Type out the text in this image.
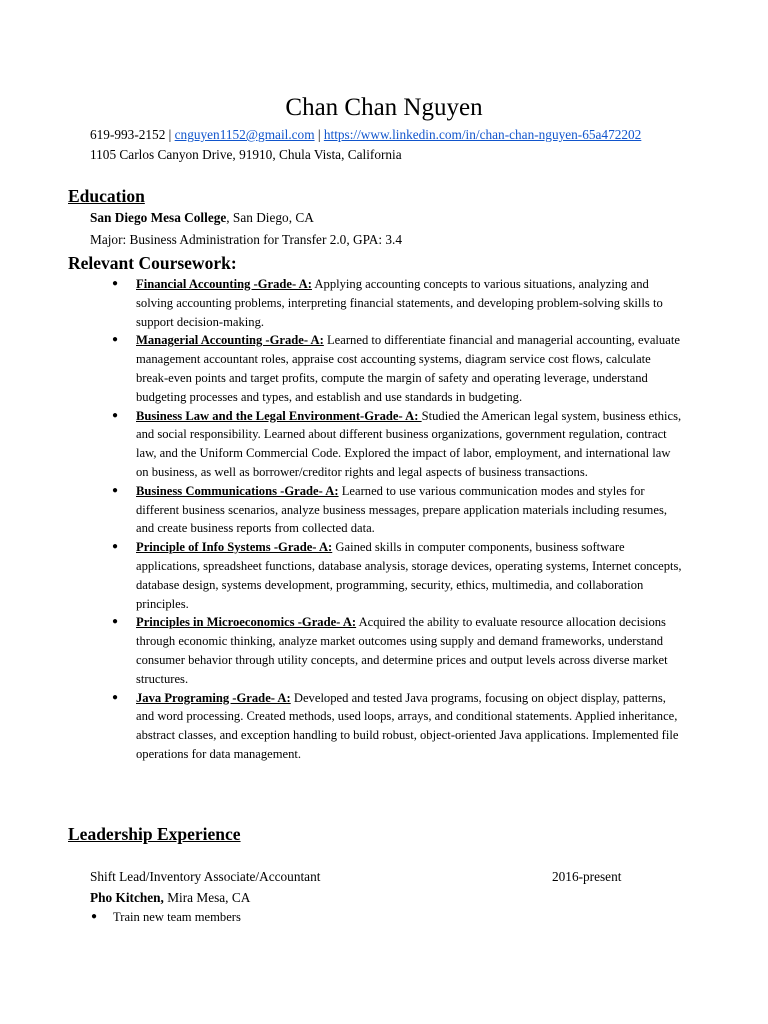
Chan Chan Nguyen
619-993-2152 | cnguyen1152@gmail.com | https://www.linkedin.com/in/chan-chan-nguyen-65a472202
1105 Carlos Canyon Drive, 91910, Chula Vista, California
Education
San Diego Mesa College, San Diego, CA
Major: Business Administration for Transfer 2.0, GPA: 3.4
Relevant Coursework:
● Financial Accounting -Grade- A: Applying accounting concepts to various situations, analyzing and solving accounting problems, interpreting financial statements, and developing problem-solving skills to support decision-making.
● Managerial Accounting -Grade- A: Learned to differentiate financial and managerial accounting, evaluate management accountant roles, appraise cost accounting systems, diagram service cost flows, calculate break-even points and target profits, compute the margin of safety and operating leverage, understand budgeting processes and types, and establish and use standards in budgeting.
● Business Law and the Legal Environment-Grade- A: Studied the American legal system, business ethics, and social responsibility. Learned about different business organizations, government regulation, contract law, and the Uniform Commercial Code. Explored the impact of labor, employment, and international law on business, as well as borrower/creditor rights and legal aspects of business transactions.
● Business Communications -Grade- A: Learned to use various communication modes and styles for different business scenarios, analyze business messages, prepare application materials including resumes, and create business reports from collected data.
● Principle of Info Systems -Grade- A: Gained skills in computer components, business software applications, spreadsheet functions, database analysis, storage devices, operating systems, Internet concepts, database design, systems development, programming, security, ethics, multimedia, and collaboration principles.
● Principles in Microeconomics -Grade- A: Acquired the ability to evaluate resource allocation decisions through economic thinking, analyze market outcomes using supply and demand frameworks, understand consumer behavior through utility concepts, and determine prices and output levels across diverse market structures.
● Java Programing -Grade- A: Developed and tested Java programs, focusing on object display, patterns, and word processing. Created methods, used loops, arrays, and conditional statements. Applied inheritance, abstract classes, and exception handling to build robust, object-oriented Java applications. Implemented file operations for data management.
Leadership Experience
Shift Lead/Inventory Associate/Accountant	2016-present
Pho Kitchen, Mira Mesa, CA
● Train new team members
